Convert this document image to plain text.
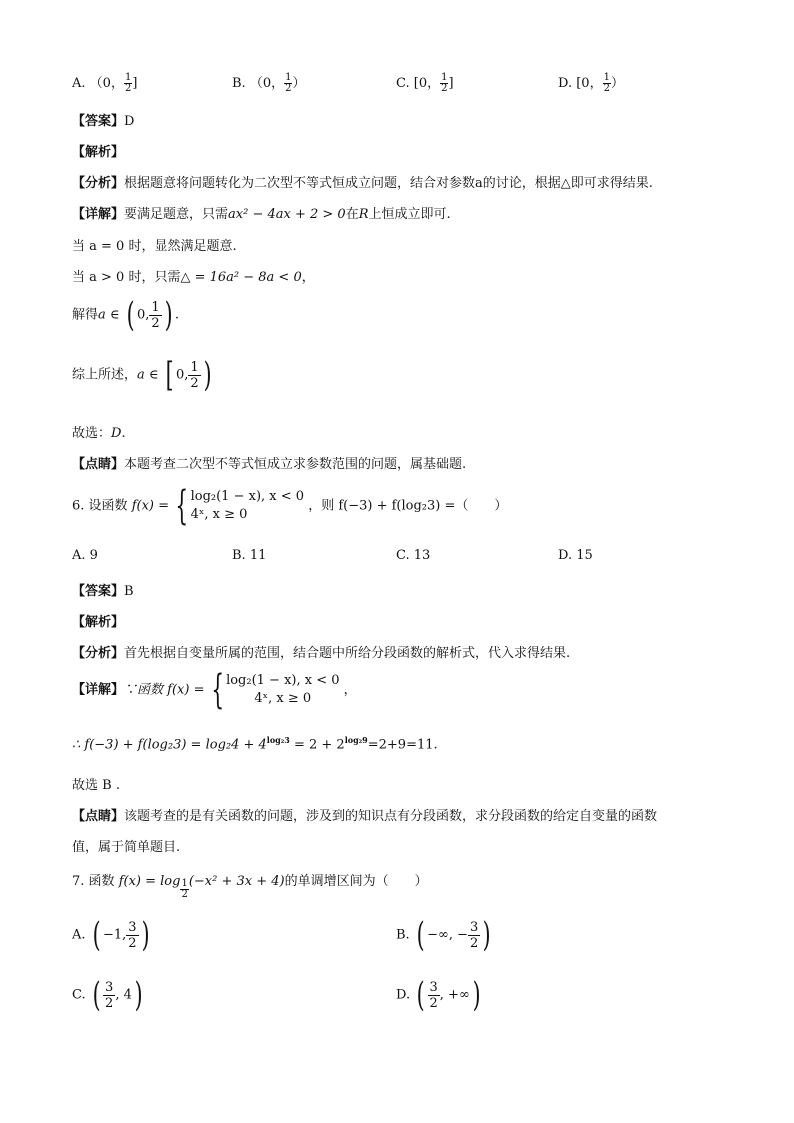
A. （0， $\frac{1}{2}$ ]	B. （0， $\frac{1}{2}$ ）	C. [0， $\frac{1}{2}$ ]	D. [0， $\frac{1}{2}$ ）
【答案】D
【解析】
【分析】根据题意将问题转化为二次型不等式恒成立问题，结合对参数a的讨论，根据△即可求得结果.
【详解】要满足题意，只需ax² − 4ax + 2 > 0在R上恒成立即可.
当 a = 0 时，显然满足题意.
当 a > 0 时，只需△ = 16a² − 8a < 0，
解得a ∈ ( 0, $\frac{1}{2}$ ) .
综上所述，a ∈ [ 0, $\frac{1}{2}$ )
故选：D.
【点睛】本题考查二次型不等式恒成立求参数范围的问题，属基础题.
6. 设函数 f(x) = { log₂(1 − x), x < 0
4ˣ, x ≥ 0
，则 f(−3) + f(log₂3) =（　　）
A. 9	B. 11	C. 13	D. 15
【答案】B
【解析】
【分析】首先根据自变量所属的范围，结合题中所给分段函数的解析式，代入求得结果.
【详解】∵函数 f(x) = { log₂(1 − x), x < 0
4ˣ, x ≥ 0
，
∴ $f(-3) + f(\log_23) = \log_24 + 4^{log_23} = 2 + 2^{log_29}=2+9=11$.
故选 B .
【点睛】该题考查的是有关函数的问题，涉及到的知识点有分段函数，求分段函数的给定自变量的函数
值，属于简单题目.
7. 函数 $f(x) = \log \frac{1}{2} (-x^2 + 3x + 4)$的单调增区间为（　　）
A. ( −1, $\frac{3}{2}$ )	B. ( −∞, − $\frac{3}{2}$ )
C. ( $\frac{3}{2}$ , 4)	D. ( $\frac{3}{2}$ , +∞)
